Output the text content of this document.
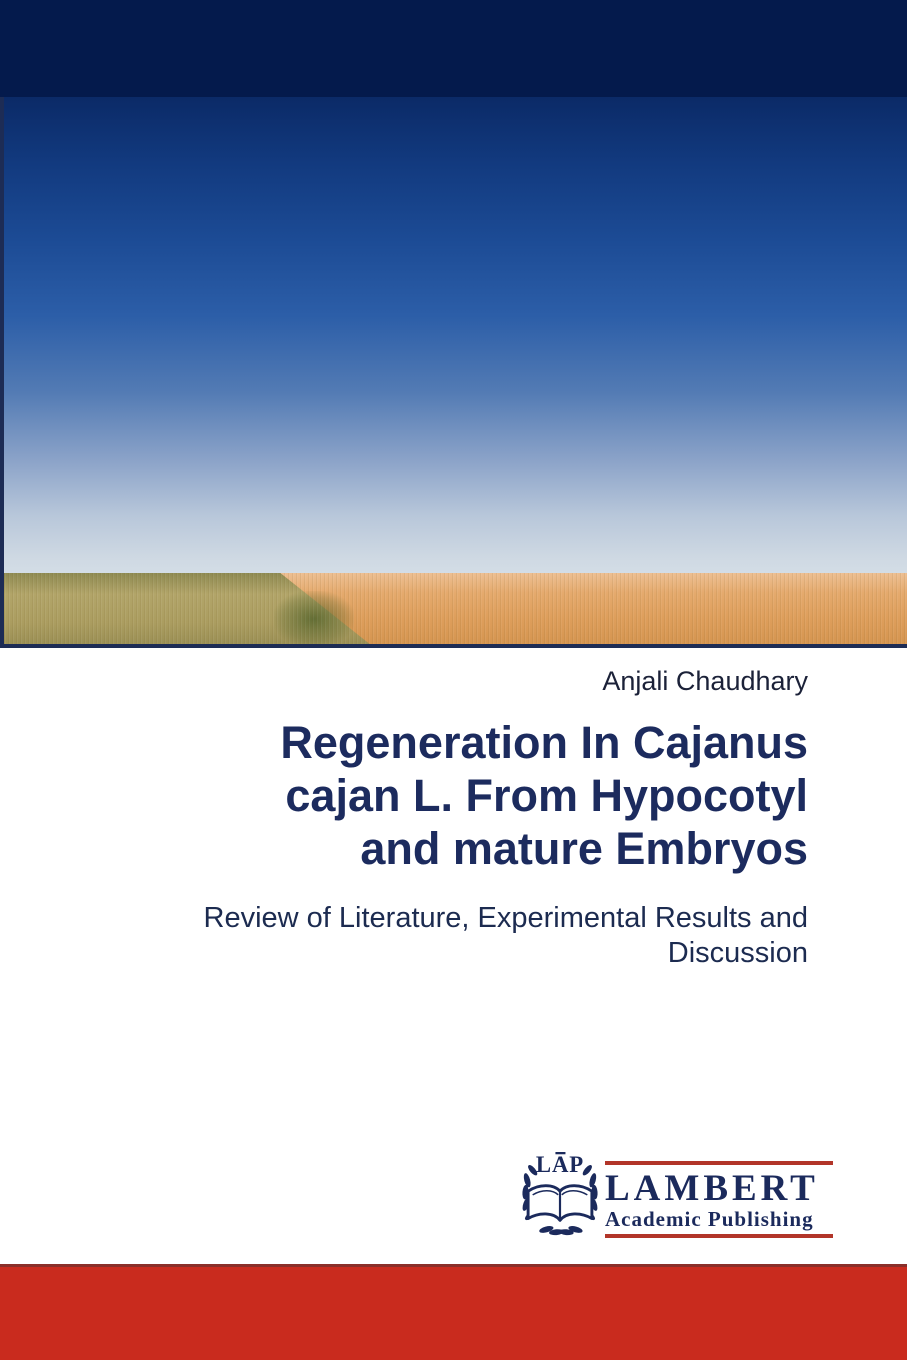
Anjali Chaudhary
Regeneration In Cajanus
cajan L. From Hypocotyl
and mature Embryos
Review of Literature, Experimental Results and
Discussion
LAP
LAMBERT
Academic Publishing
